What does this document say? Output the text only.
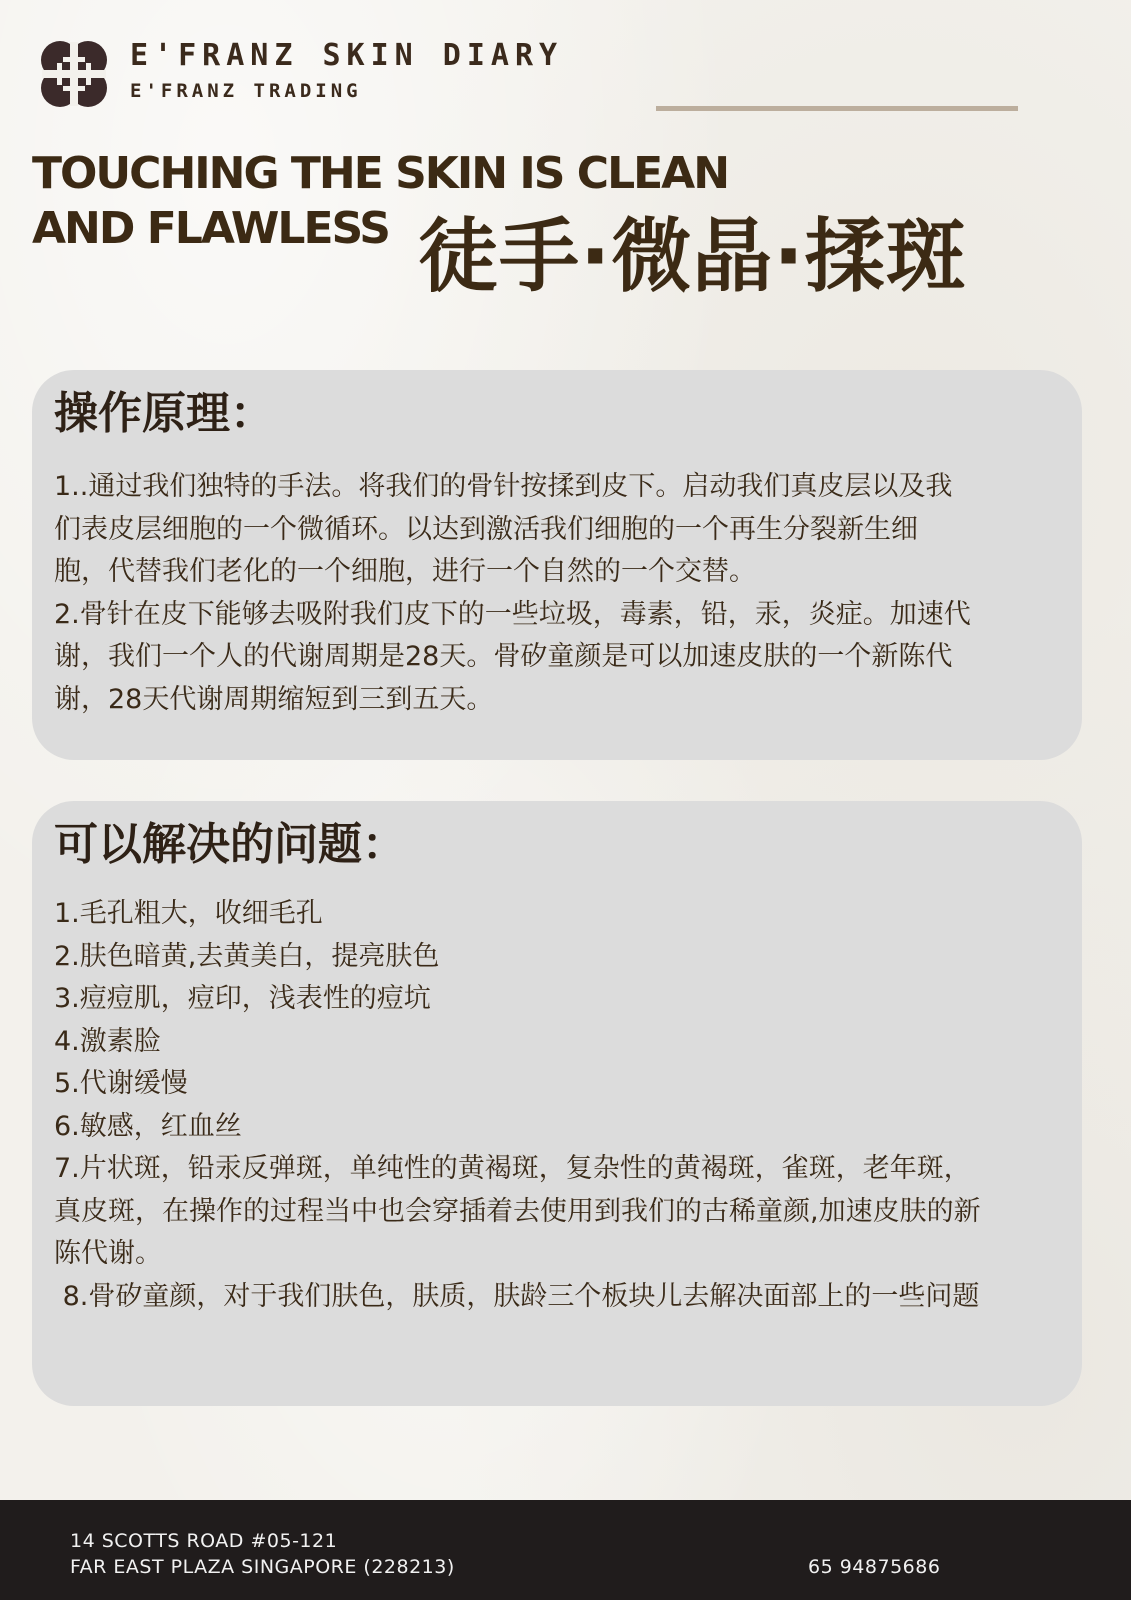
E'FRANZ SKIN DIARY
E'FRANZ TRADING
TOUCHING THE SKIN IS CLEAN
AND FLAWLESS 徒手·微晶·揉斑
操作原理：
1..通过我们独特的手法。将我们的骨针按揉到皮下。启动我们真皮层以及我
们表皮层细胞的一个微循环。以达到激活我们细胞的一个再生分裂新生细
胞，代替我们老化的一个细胞，进行一个自然的一个交替。
2.骨针在皮下能够去吸附我们皮下的一些垃圾，毒素，铅，汞，炎症。加速代
谢，我们一个人的代谢周期是28天。骨矽童颜是可以加速皮肤的一个新陈代
谢，28天代谢周期缩短到三到五天。
可以解决的问题：
1.毛孔粗大，收细毛孔
2.肤色暗黄,去黄美白，提亮肤色
3.痘痘肌，痘印，浅表性的痘坑
4.激素脸
5.代谢缓慢
6.敏感，红血丝
7.片状斑，铅汞反弹斑，单纯性的黄褐斑，复杂性的黄褐斑，雀斑，老年斑，
真皮斑，在操作的过程当中也会穿插着去使用到我们的古稀童颜,加速皮肤的新
陈代谢。
8.骨矽童颜，对于我们肤色，肤质，肤龄三个板块儿去解决面部上的一些问题
14 SCOTTS ROAD #05-121
FAR EAST PLAZA SINGAPORE (228213)	65 94875686
